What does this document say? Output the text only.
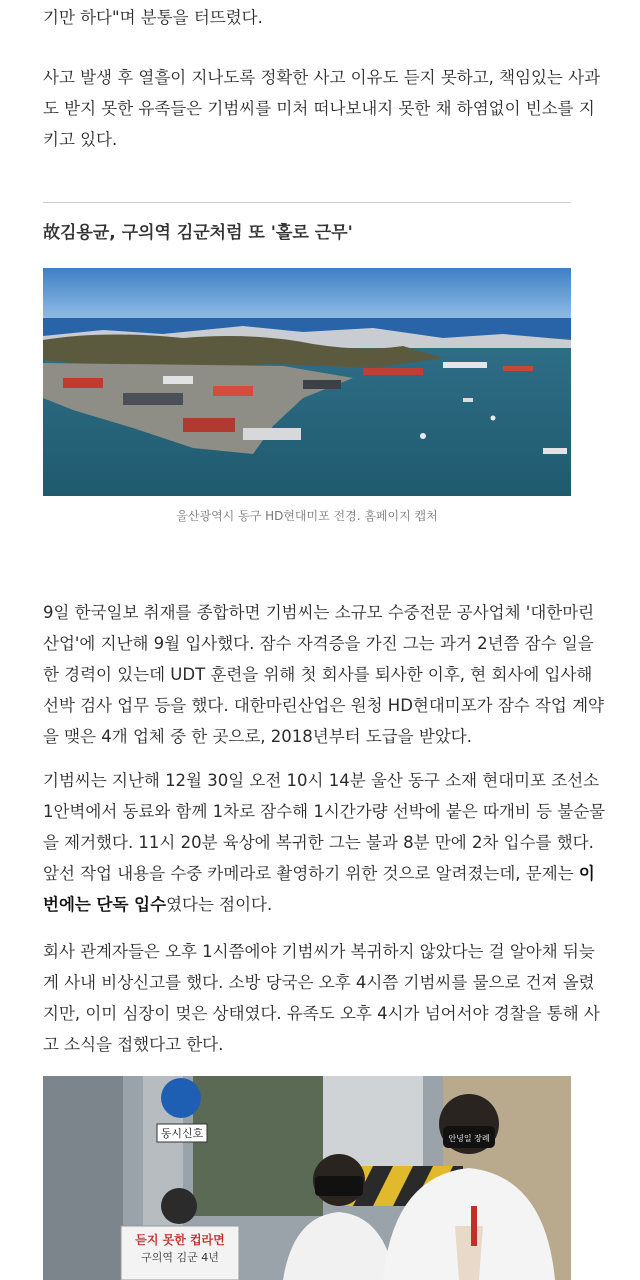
기만 하다"며 분통을 터뜨렸다.

사고 발생 후 열흘이 지나도록 정확한 사고 이유도 듣지 못하고, 책임있는 사과
도 받지 못한 유족들은 기범씨를 미처 떠나보내지 못한 채 하염없이 빈소를 지
키고 있다.

故김용균, 구의역 김군처럼 또 '홀로 근무'
울산광역시 동구 HD현대미포 전경. 홈페이지 캡처

9일 한국일보 취재를 종합하면 기범씨는 소규모 수중전문 공사업체 '대한마린
산업'에 지난해 9월 입사했다. 잠수 자격증을 가진 그는 과거 2년쯤 잠수 일을
한 경력이 있는데 UDT 훈련을 위해 첫 회사를 퇴사한 이후, 현 회사에 입사해
선박 검사 업무 등을 했다. 대한마린산업은 원청 HD현대미포가 잠수 작업 계약
을 맺은 4개 업체 중 한 곳으로, 2018년부터 도급을 받았다.

기범씨는 지난해 12월 30일 오전 10시 14분 울산 동구 소재 현대미포 조선소
1안벽에서 동료와 함께 1차로 잠수해 1시간가량 선박에 붙은 따개비 등 불순물
을 제거했다. 11시 20분 육상에 복귀한 그는 불과 8분 만에 2차 입수를 했다.
앞선 작업 내용을 수중 카메라로 촬영하기 위한 것으로 알려졌는데, 문제는 이
번에는 단독 입수였다는 점이다.

회사 관계자들은 오후 1시쯤에야 기범씨가 복귀하지 않았다는 걸 알아채 뒤늦
게 사내 비상신고를 했다. 소방 당국은 오후 4시쯤 기범씨를 물으로 건져 올렸
지만, 이미 심장이 멎은 상태였다. 유족도 오후 4시가 넘어서야 경찰을 통해 사
고 소식을 접했다고 한다.

동시신호
듣지 못한 컵라면
구의역 김군 4년
안녕일 장례
